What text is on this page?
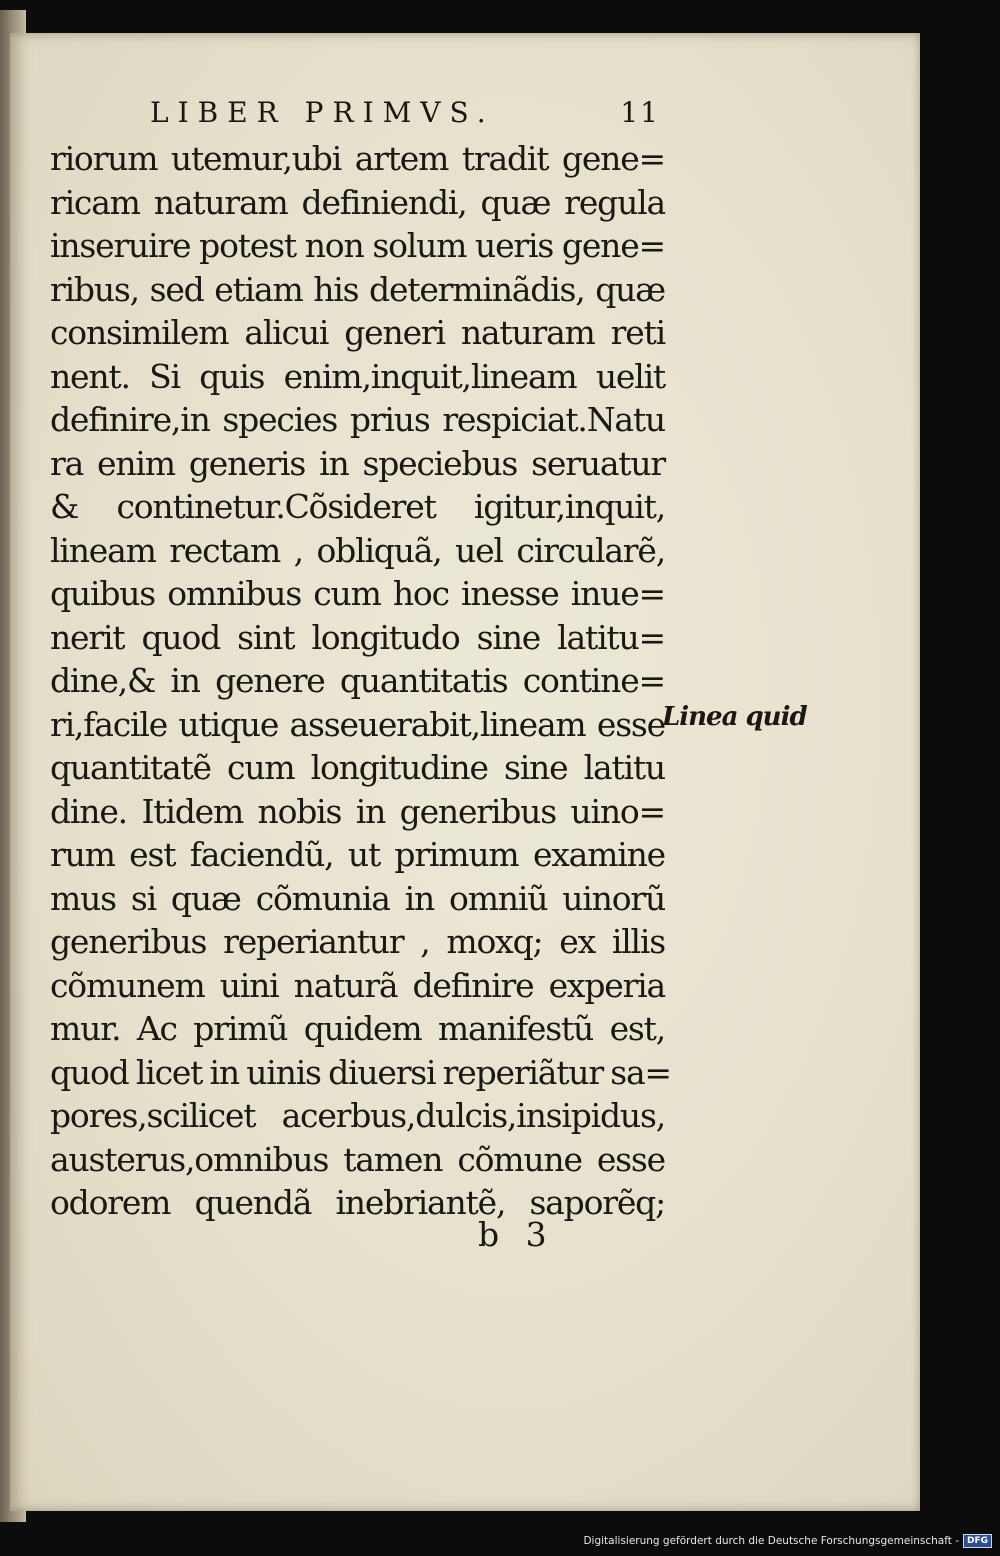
LIBER PRIMVS.	11
riorum utemur,ubi artem tradit gene=
ricam naturam definiendi, quæ regula
inseruire potest non solum ueris gene=
ribus, sed etiam his determinãdis, quæ
consimilem alicui generi naturam reti
nent. Si quis enim,inquit,lineam uelit
definire,in species prius respiciat.Natu
ra enim generis in speciebus seruatur
& continetur.Cõsideret igitur,inquit,
lineam rectam , obliquã, uel circularẽ,
quibus omnibus cum hoc inesse inue=
nerit quod sint longitudo sine latitu=
dine,& in genere quantitatis contine=
ri,facile utique asseuerabit,lineam esse
quantitatẽ cum longitudine sine latitu
dine. Itidem nobis in generibus uino=
rum est faciendũ, ut primum examine
mus si quæ cõmunia in omniũ uinorũ
generibus reperiantur , moxq; ex illis
cõmunem uini naturã definire experia
mur. Ac primũ quidem manifestũ est,
quod licet in uinis diuersi reperiãtur sa=
pores,scilicet acerbus,dulcis,insipidus,
austerus,omnibus tamen cõmune esse
odorem quendã inebriantẽ, saporẽq;
Linea quid
b 3
Digitalisierung gefördert durch die Deutsche Forschungsgemeinschaft - DFG
